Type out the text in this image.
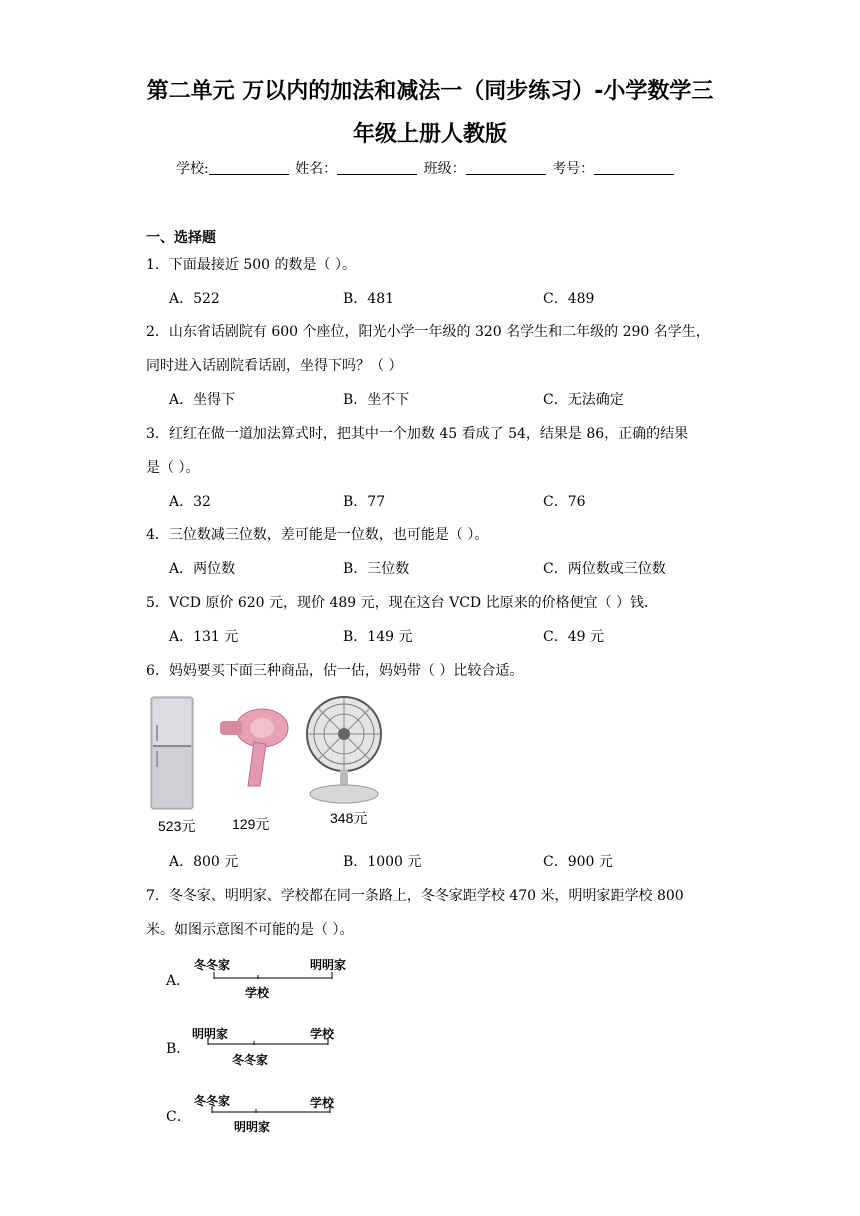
第二单元 万以内的加法和减法一（同步练习）-小学数学三
年级上册人教版
学校:	姓名：	班级：	考号：
一、选择题
1．下面最接近 500 的数是（ ）。
A．522	B．481	C．489
2．山东省话剧院有 600 个座位，阳光小学一年级的 320 名学生和二年级的 290 名学生，
同时进入话剧院看话剧，坐得下吗？（ ）
A．坐得下	B．坐不下	C．无法确定
3．红红在做一道加法算式时，把其中一个加数 45 看成了 54，结果是 86，正确的结果
是（ ）。
A．32	B．77	C．76
4．三位数减三位数，差可能是一位数，也可能是（ ）。
A．两位数	B．三位数	C．两位数或三位数
5．VCD 原价 620 元，现价 489 元，现在这台 VCD 比原来的价格便宜（ ）钱.
A．131 元	B．149 元	C．49 元
6．妈妈要买下面三种商品，估一估，妈妈带（ ）比较合适。
523元	129元	348元
A．800 元	B．1000 元	C．900 元
7．冬冬家、明明家、学校都在同一条路上，冬冬家距学校 470 米，明明家距学校 800
米。如图示意图不可能的是（ ）。
A．
冬冬家	明明家
学校
B．
明明家	学校
冬冬家
C．
冬冬家	学校
明明家
